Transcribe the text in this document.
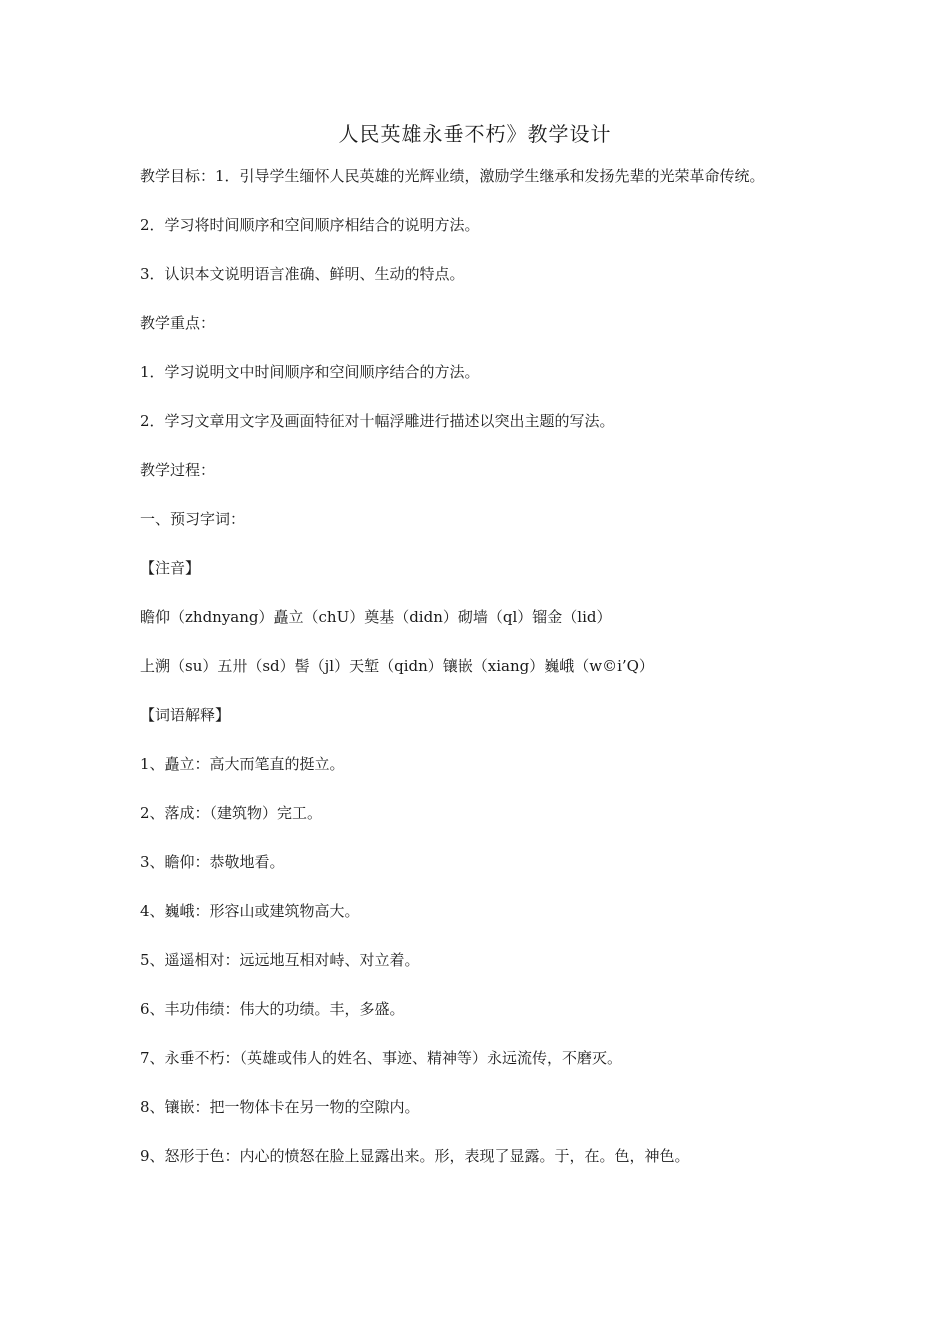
人民英雄永垂不朽》教学设计

教学目标：1．引导学生缅怀人民英雄的光辉业绩，激励学生继承和发扬先辈的光荣革命传统。

2．学习将时间顺序和空间顺序相结合的说明方法。

3．认识本文说明语言准确、鲜明、生动的特点。

教学重点：

1．学习说明文中时间顺序和空间顺序结合的方法。

2．学习文章用文字及画面特征对十幅浮雕进行描述以突出主题的写法。

教学过程：

一、预习字词：

【注音】

瞻仰（zhdnyang）矗立（chU）奠基（didn）砌墙（ql）镏金（lid）

上溯（su）五卅（sd）髻（jl）天堑（qidn）镶嵌（xiang）巍峨（w©i’Q）

【词语解释】

1、矗立：高大而笔直的挺立。

2、落成：（建筑物）完工。

3、瞻仰：恭敬地看。

4、巍峨：形容山或建筑物高大。

5、遥遥相对：远远地互相对峙、对立着。

6、丰功伟绩：伟大的功绩。丰，多盛。

7、永垂不朽：（英雄或伟人的姓名、事迹、精神等）永远流传，不磨灭。

8、镶嵌：把一物体卡在另一物的空隙内。

9、怒形于色：内心的愤怒在脸上显露出来。形，表现了显露。于，在。色，神色。
